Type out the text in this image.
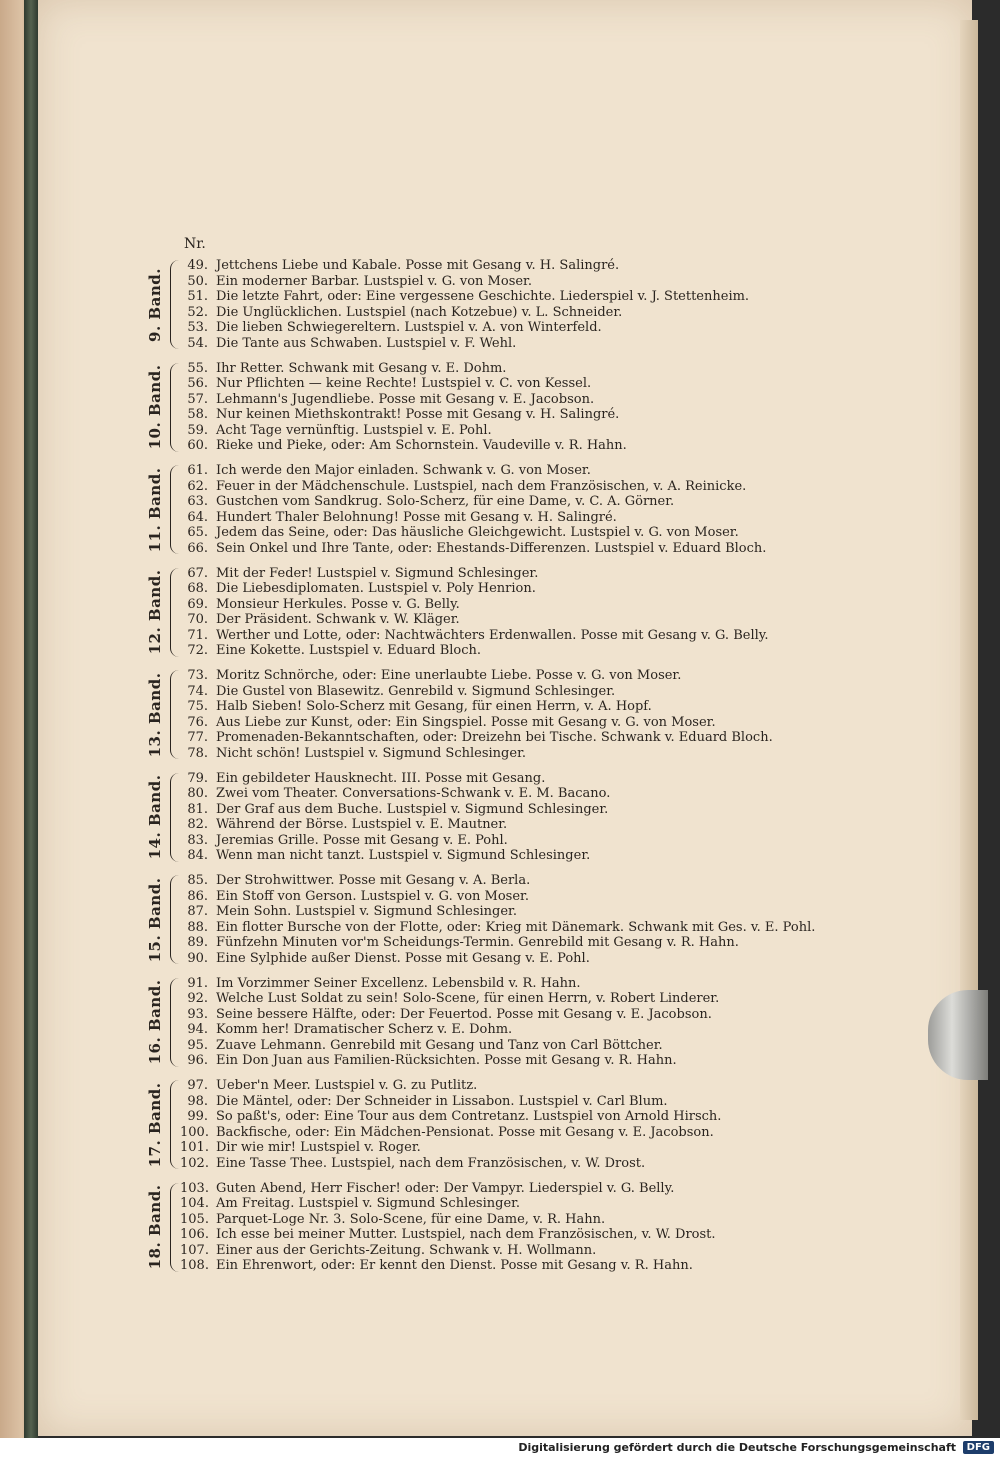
Nr.
9. Band.
49. Jettchens Liebe und Kabale. Posse mit Gesang v. H. Salingré.
50. Ein moderner Barbar. Lustspiel v. G. von Moser.
51. Die letzte Fahrt, oder: Eine vergessene Geschichte. Liederspiel v. J. Stettenheim.
52. Die Unglücklichen. Lustspiel (nach Kotzebue) v. L. Schneider.
53. Die lieben Schwiegereltern. Lustspiel v. A. von Winterfeld.
54. Die Tante aus Schwaben. Lustspiel v. F. Wehl.
10. Band.	55. Ihr Retter. Schwank mit Gesang v. E. Dohm.
56. Nur Pflichten — keine Rechte! Lustspiel v. C. von Kessel.
57. Lehmann's Jugendliebe. Posse mit Gesang v. E. Jacobson.
58. Nur keinen Miethskontrakt! Posse mit Gesang v. H. Salingré.
59. Acht Tage vernünftig. Lustspiel v. E. Pohl.
60. Rieke und Pieke, oder: Am Schornstein. Vaudeville v. R. Hahn.
11. Band.	61. Ich werde den Major einladen. Schwank v. G. von Moser.
62. Feuer in der Mädchenschule. Lustspiel, nach dem Französischen, v. A. Reinicke.
63. Gustchen vom Sandkrug. Solo-Scherz, für eine Dame, v. C. A. Görner.
64. Hundert Thaler Belohnung! Posse mit Gesang v. H. Salingré.
65. Jedem das Seine, oder: Das häusliche Gleichgewicht. Lustspiel v. G. von Moser.
66. Sein Onkel und Ihre Tante, oder: Ehestands-Differenzen. Lustspiel v. Eduard Bloch.
12. Band.	67. Mit der Feder! Lustspiel v. Sigmund Schlesinger.
68. Die Liebesdiplomaten. Lustspiel v. Poly Henrion.
69. Monsieur Herkules. Posse v. G. Belly.
70. Der Präsident. Schwank v. W. Kläger.
71. Werther und Lotte, oder: Nachtwächters Erdenwallen. Posse mit Gesang v. G. Belly.
72. Eine Kokette. Lustspiel v. Eduard Bloch.
13. Band.	73. Moritz Schnörche, oder: Eine unerlaubte Liebe. Posse v. G. von Moser.
74. Die Gustel von Blasewitz. Genrebild v. Sigmund Schlesinger.
75. Halb Sieben! Solo-Scherz mit Gesang, für einen Herrn, v. A. Hopf.
76. Aus Liebe zur Kunst, oder: Ein Singspiel. Posse mit Gesang v. G. von Moser.
77. Promenaden-Bekanntschaften, oder: Dreizehn bei Tische. Schwank v. Eduard Bloch.
78. Nicht schön! Lustspiel v. Sigmund Schlesinger.
14. Band.	79. Ein gebildeter Hausknecht. III. Posse mit Gesang.
80. Zwei vom Theater. Conversations-Schwank v. E. M. Bacano.
81. Der Graf aus dem Buche. Lustspiel v. Sigmund Schlesinger.
82. Während der Börse. Lustspiel v. E. Mautner.
83. Jeremias Grille. Posse mit Gesang v. E. Pohl.
84. Wenn man nicht tanzt. Lustspiel v. Sigmund Schlesinger.
15. Band.	85. Der Strohwittwer. Posse mit Gesang v. A. Berla.
86. Ein Stoff von Gerson. Lustspiel v. G. von Moser.
87. Mein Sohn. Lustspiel v. Sigmund Schlesinger.
88. Ein flotter Bursche von der Flotte, oder: Krieg mit Dänemark. Schwank mit Ges. v. E. Pohl.
89. Fünfzehn Minuten vor'm Scheidungs-Termin. Genrebild mit Gesang v. R. Hahn.
90. Eine Sylphide außer Dienst. Posse mit Gesang v. E. Pohl.
16. Band.	91. Im Vorzimmer Seiner Excellenz. Lebensbild v. R. Hahn.
92. Welche Lust Soldat zu sein! Solo-Scene, für einen Herrn, v. Robert Linderer.
93. Seine bessere Hälfte, oder: Der Feuertod. Posse mit Gesang v. E. Jacobson.
94. Komm her! Dramatischer Scherz v. E. Dohm.
95. Zuave Lehmann. Genrebild mit Gesang und Tanz von Carl Böttcher.
96. Ein Don Juan aus Familien-Rücksichten. Posse mit Gesang v. R. Hahn.
17. Band.	97. Ueber'n Meer. Lustspiel v. G. zu Putlitz.
98. Die Mäntel, oder: Der Schneider in Lissabon. Lustspiel v. Carl Blum.
99. So paßt's, oder: Eine Tour aus dem Contretanz. Lustspiel von Arnold Hirsch.
100. Backfische, oder: Ein Mädchen-Pensionat. Posse mit Gesang v. E. Jacobson.
101. Dir wie mir! Lustspiel v. Roger.
102. Eine Tasse Thee. Lustspiel, nach dem Französischen, v. W. Drost.
18. Band. 103. Guten Abend, Herr Fischer! oder: Der Vampyr. Liederspiel v. G. Belly.
104. Am Freitag. Lustspiel v. Sigmund Schlesinger.
105. Parquet-Loge Nr. 3. Solo-Scene, für eine Dame, v. R. Hahn.
106. Ich esse bei meiner Mutter. Lustspiel, nach dem Französischen, v. W. Drost.
107. Einer aus der Gerichts-Zeitung. Schwank v. H. Wollmann.
108. Ein Ehrenwort, oder: Er kennt den Dienst. Posse mit Gesang v. R. Hahn.
Digitalisierung gefördert durch die Deutsche Forschungsgemeinschaft	DFG
